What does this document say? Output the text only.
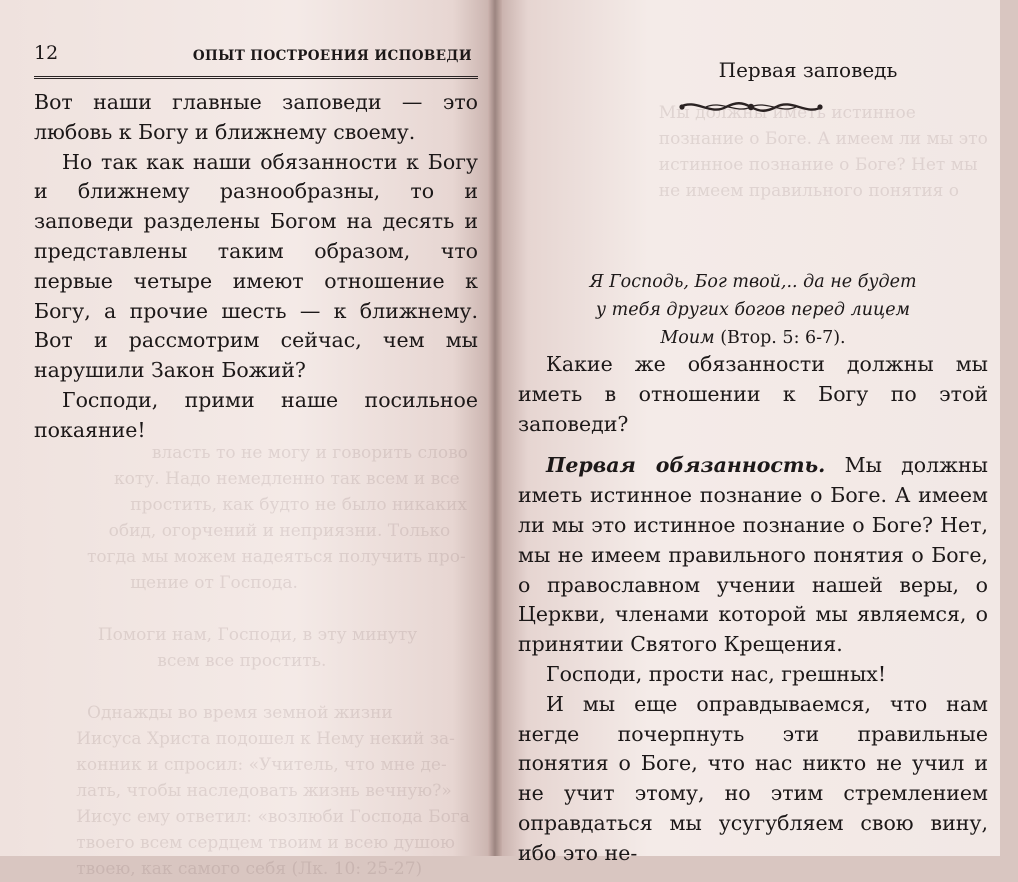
власть то не могу и говорить слово
коту. Надо немедленно так всем и все
простить, как будто не было никаких
обид, огорчений и неприязни. Только
тогда мы можем надеяться получить про-
щение от Господа.

Помоги нам, Господи, в эту минуту
всем все простить.

Однажды во время земной жизни
Иисуса Христа подошел к Нему некий за-
конник и спросил: «Учитель, что мне де-
лать, чтобы наследовать жизнь вечную?»
Иисус ему ответил: «возлюби Господа Бога
твоего всем сердцем твоим и всею душою
твоею, как самого себя (Лк. 10: 25-27)
12	ОПЫТ ПОСТРОЕНИЯ ИСПОВЕДИ

Вот наши главные заповеди — это любовь к Богу и ближнему своему.

Но так как наши обязанности к Богу и ближнему разнообразны, то и заповеди разделены Богом на десять и представлены таким образом, что первые четыре имеют отношение к Богу, а прочие шесть — к ближнему. Вот и рассмотрим сейчас, чем мы нарушили Закон Божий?

Господи, прими наше посильное покаяние!

Мы должны иметь истинное
познание о Боге. А имеем ли мы это
истинное познание о Боге? Нет мы
не имеем правильного понятия о

Первая заповедь
Я Господь, Бог твой,.. да не будет у тебя других богов перед лицем Моим (Втор. 5: 6-7).

Какие же обязанности должны мы иметь в отношении к Богу по этой заповеди?

Первая обязанность. Мы должны иметь истинное познание о Боге. А имеем ли мы это истинное познание о Боге? Нет, мы не имеем правильного понятия о Боге, о православном учении нашей веры, о Церкви, членами которой мы являемся, о принятии Святого Крещения.

Господи, прости нас, грешных!

И мы еще оправдываемся, что нам негде почерпнуть эти правильные понятия о Боге, что нас никто не учил и не учит этому, но этим стремлением оправдаться мы усугубляем свою вину, ибо это не-
